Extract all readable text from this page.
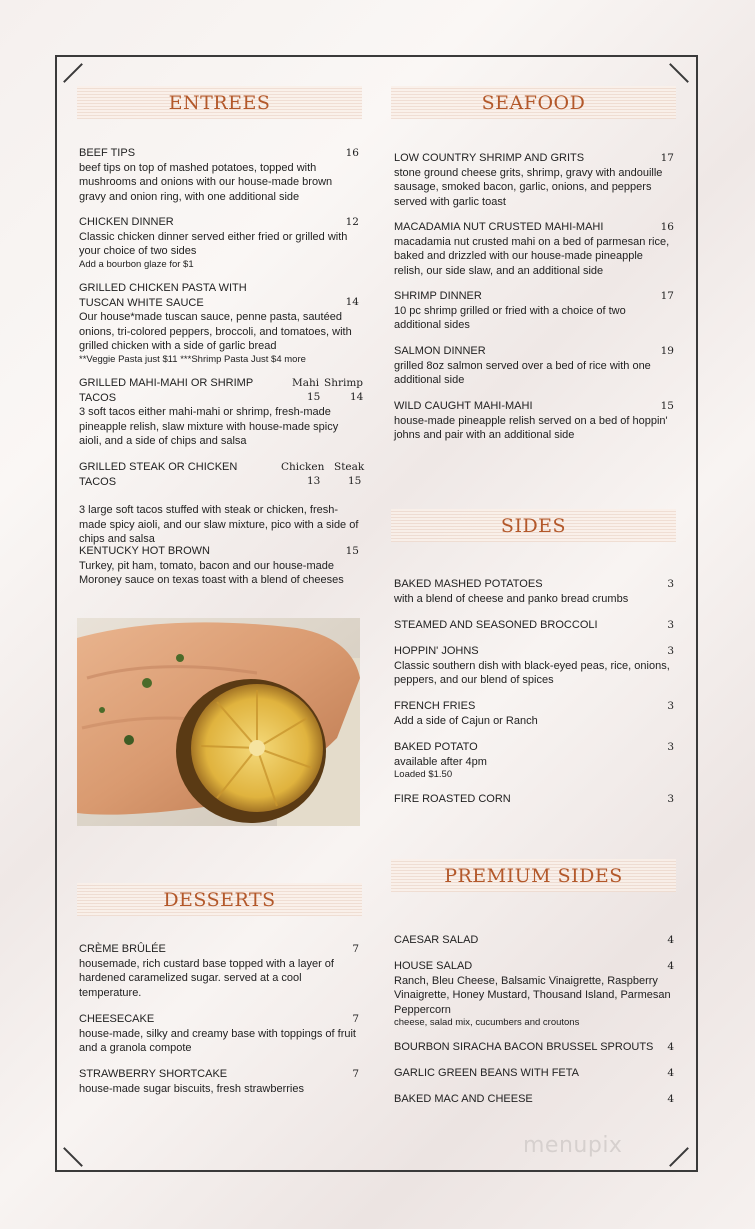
ENTREES	SEAFOOD
SIDES
DESSERTS
PREMIUM SIDES
BEEF TIPS	16
beef tips on top of mashed potatoes, topped with mushrooms and onions with our house-made brown gravy and onion ring, with one additional side
CHICKEN DINNER	12
Classic chicken dinner served either fried or grilled with your choice of two sides
Add a bourbon glaze for $1
GRILLED CHICKEN PASTA WITH TUSCAN WHITE SAUCE	14
Our house*made tuscan sauce, penne pasta, sautéed onions, tri-colored peppers, broccoli, and tomatoes, with grilled chicken with a side of garlic bread
**Veggie Pasta just $11 ***Shrimp Pasta Just $4 more
GRILLED MAHI-MAHI OR SHRIMP TACOS
Mahi Shrimp
15	14
3 soft tacos either mahi-mahi or shrimp, fresh-made pineapple relish, slaw mixture with house-made spicy aioli, and a side of chips and salsa
GRILLED STEAK OR CHICKEN TACOS
Chicken Steak
13	15
3 large soft tacos stuffed with steak or chicken, fresh-made spicy aioli, and our slaw mixture, pico with a side of chips and salsa
KENTUCKY HOT BROWN	15
Turkey, pit ham, tomato, bacon and our house-made Moroney sauce on texas toast with a blend of cheeses
LOW COUNTRY SHRIMP AND GRITS	17
stone ground cheese grits, shrimp, gravy with andouille sausage, smoked bacon, garlic, onions, and peppers served with garlic toast
MACADAMIA NUT CRUSTED MAHI-MAHI	16
macadamia nut crusted mahi on a bed of parmesan rice, baked and drizzled with our house-made pineapple relish, our side slaw, and an additional side
SHRIMP DINNER	17
10 pc shrimp grilled or fried with a choice of two additional sides
SALMON DINNER	19
grilled 8oz salmon served over a bed of rice with one additional side
WILD CAUGHT MAHI-MAHI	15
house-made pineapple relish served on a bed of hoppin' johns and pair with an additional side
BAKED MASHED POTATOES	3
with a blend of cheese and panko bread crumbs
STEAMED AND SEASONED BROCCOLI	3
HOPPIN' JOHNS	3
Classic southern dish with black-eyed peas, rice, onions, peppers, and our blend of spices
FRENCH FRIES	3
Add a side of Cajun or Ranch
BAKED POTATO	3
available after 4pm
Loaded $1.50
FIRE ROASTED CORN	3
CRÈME BRÛLÉE	7
housemade, rich custard base topped with a layer of hardened caramelized sugar. served at a cool temperature.
CHEESECAKE	7
house-made, silky and creamy base with toppings of fruit and a granola compote
STRAWBERRY SHORTCAKE	7
house-made sugar biscuits, fresh strawberries
CAESAR SALAD	4
HOUSE SALAD	4
Ranch, Bleu Cheese, Balsamic Vinaigrette, Raspberry Vinaigrette, Honey Mustard, Thousand Island, Parmesan Peppercorn
cheese, salad mix, cucumbers and croutons
BOURBON SIRACHA BACON BRUSSEL SPROUTS	4
GARLIC GREEN BEANS WITH FETA	4
BAKED MAC AND CHEESE	4
menupix
